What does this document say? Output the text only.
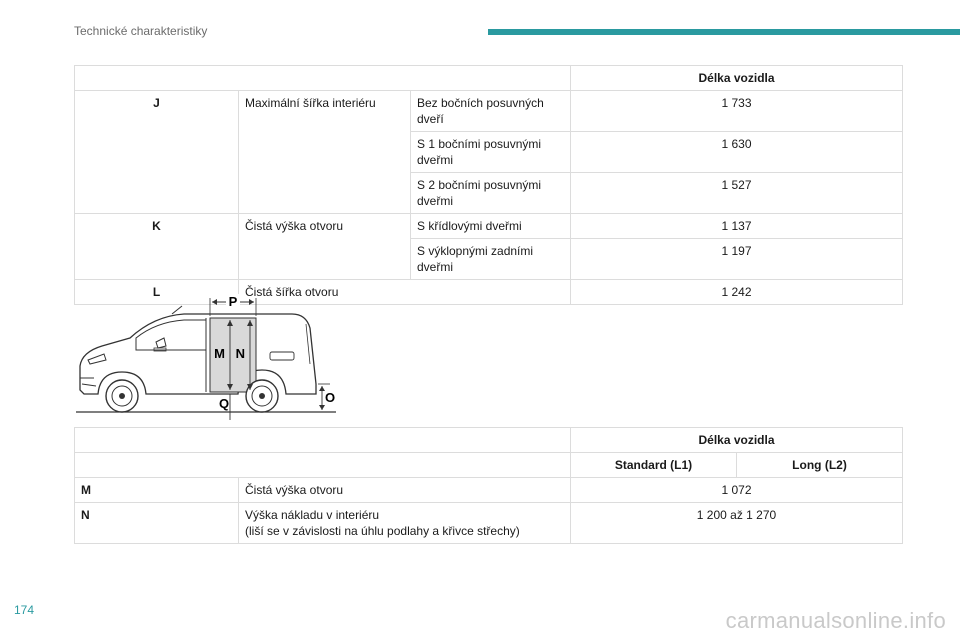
Technické charakteristiky
			Délka vozidla
J	Maximální šířka interiéru	Bez bočních posuvných dveří	1 733
		S 1 bočními posuvnými dveřmi	1 630
		S 2 bočními posuvnými dveřmi	1 527
K	Čistá výška otvoru	S křídlovými dveřmi	1 137
		S výklopnými zadními dveřmi	1 197
L	Čistá šířka otvoru		1 242
P
M N
Q	O
		Délka vozidla	
		Standard (L1)	Long (L2)
M	Čistá výška otvoru	1 072	
N	Výška nákladu v interiéru
(liší se v závislosti na úhlu podlahy a křivce střechy)	1 200 až 1 270	
174	carmanualsonline.info
